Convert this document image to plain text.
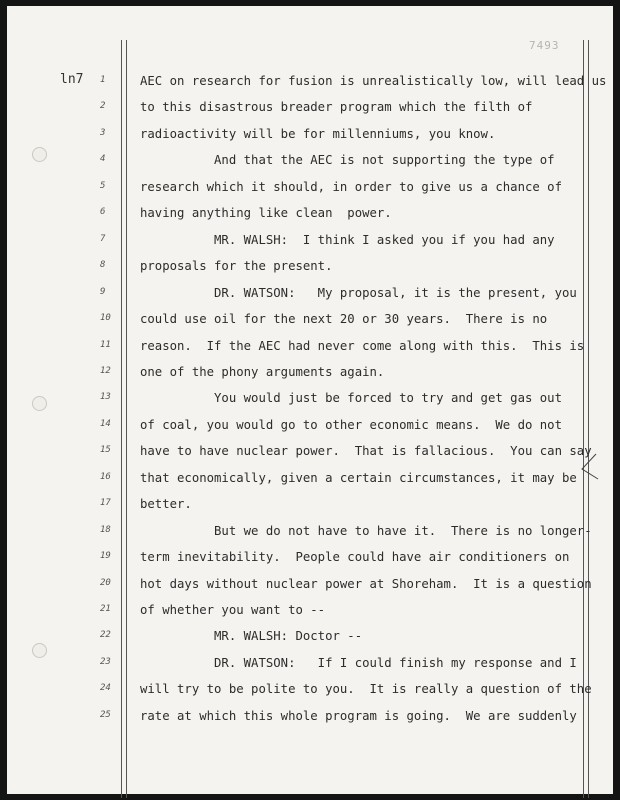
7493
ln7 1	AEC on research for fusion is unrealistically low, will lead us
2	to this disastrous breader program which the filth of
3	radioactivity will be for millenniums, you know.
4	And that the AEC is not supporting the type of
5	research which it should, in order to give us a chance of
6	having anything like clean  power.
7	MR. WALSH:  I think I asked you if you had any
8	proposals for the present.
9	DR. WATSON:   My proposal, it is the present, you
10	could use oil for the next 20 or 30 years.  There is no
11	reason.  If the AEC had never come along with this.  This is
12	one of the phony arguments again.
13	You would just be forced to try and get gas out
14	of coal, you would go to other economic means.  We do not
15	have to have nuclear power.  That is fallacious.  You can say
16	that economically, given a certain circumstances, it may be
17	better.
18	But we do not have to have it.  There is no longer-
19	term inevitability.  People could have air conditioners on
20	hot days without nuclear power at Shoreham.  It is a question
21	of whether you want to --
22	MR. WALSH: Doctor --
23	DR. WATSON:   If I could finish my response and I
24	will try to be polite to you.  It is really a question of the
25	rate at which this whole program is going.  We are suddenly
